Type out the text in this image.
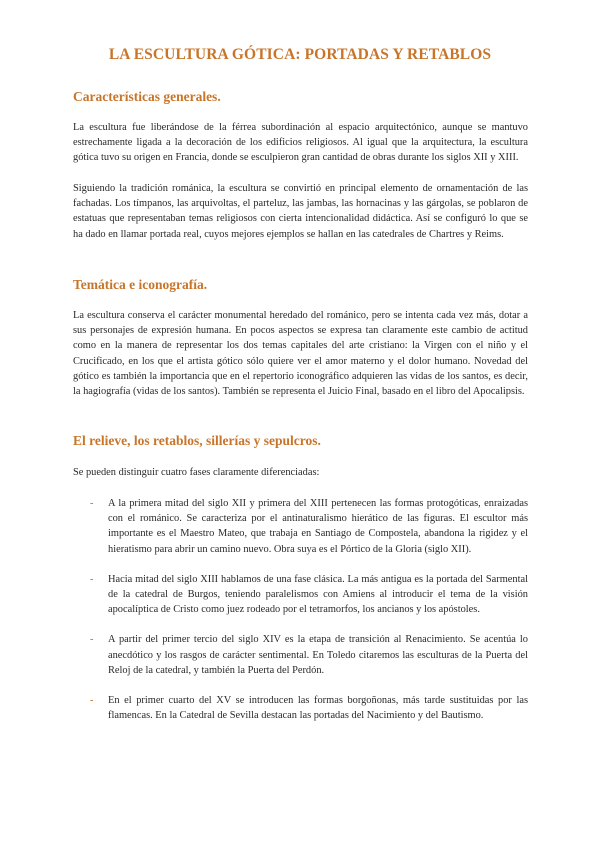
LA ESCULTURA GÓTICA: PORTADAS Y RETABLOS
Características generales.

La escultura fue liberándose de la férrea subordinación al espacio arquitectónico, aunque se mantuvo estrechamente ligada a la decoración de los edificios religiosos. Al igual que la arquitectura, la escultura gótica tuvo su origen en Francia, donde se esculpieron gran cantidad de obras durante los siglos XII y XIII.

Siguiendo la tradición románica, la escultura se convirtió en principal elemento de ornamentación de las fachadas. Los tímpanos, las arquivoltas, el parteluz, las jambas, las hornacinas y las gárgolas, se poblaron de estatuas que representaban temas religiosos con cierta intencionalidad didáctica. Así se configuró lo que se ha dado en llamar portada real, cuyos mejores ejemplos se hallan en las catedrales de Chartres y Reims.

Temática e iconografía.

La escultura conserva el carácter monumental heredado del románico, pero se intenta cada vez más, dotar a sus personajes de expresión humana. En pocos aspectos se expresa tan claramente este cambio de actitud como en la manera de representar los dos temas capitales del arte cristiano: la Virgen con el niño y el Crucificado, en los que el artista gótico sólo quiere ver el amor materno y el dolor humano. Novedad del gótico es también la importancia que en el repertorio iconográfico adquieren las vidas de los santos, es decir, la hagiografía (vidas de los santos). También se representa el Juicio Final, basado en el libro del Apocalipsis.

El relieve, los retablos, sillerías y sepulcros.

Se pueden distinguir cuatro fases claramente diferenciadas:

- A la primera mitad del siglo XII y primera del XIII pertenecen las formas protogóticas, enraizadas con el románico. Se caracteriza por el antinaturalismo hierático de las figuras. El escultor más importante es el Maestro Mateo, que trabaja en Santiago de Compostela, abandona la rigidez y el hieratismo para abrir un camino nuevo. Obra suya es el Pórtico de la Gloria (siglo XII).
- Hacia mitad del siglo XIII hablamos de una fase clásica. La más antigua es la portada del Sarmental de la catedral de Burgos, teniendo paralelismos con Amiens al introducir el tema de la visión apocalíptica de Cristo como juez rodeado por el tetramorfos, los ancianos y los apóstoles.
- A partir del primer tercio del siglo XIV es la etapa de transición al Renacimiento. Se acentúa lo anecdótico y los rasgos de carácter sentimental. En Toledo citaremos las esculturas de la Puerta del Reloj de la catedral, y también la Puerta del Perdón.
- En el primer cuarto del XV se introducen las formas borgoñonas, más tarde sustituidas por las flamencas. En la Catedral de Sevilla destacan las portadas del Nacimiento y del Bautismo.
